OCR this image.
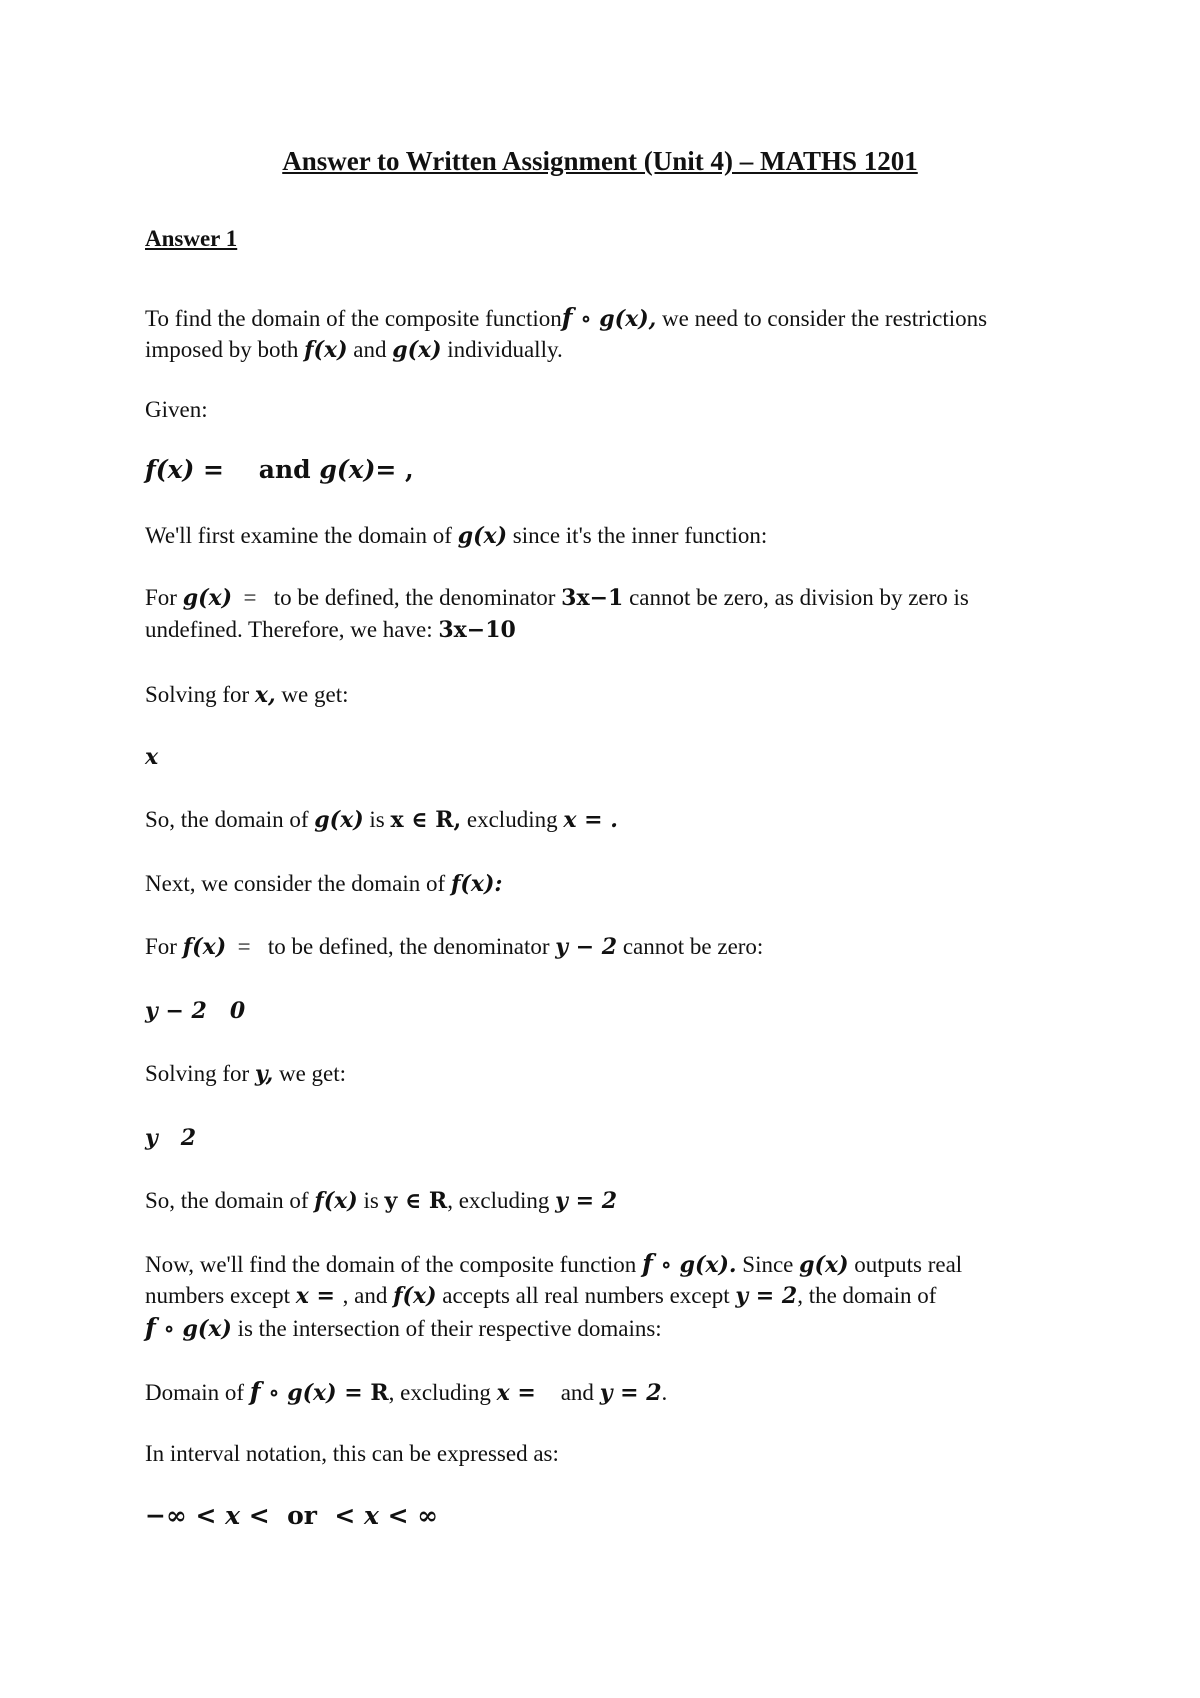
Answer to Written Assignment (Unit 4) – MATHS 1201

Answer 1

To find the domain of the composite functionf ∘ g(x), we need to consider the restrictions

imposed by both f(x) and g(x) individually.

Given:

f(x) =    and g(x)= ,

We'll first examine the domain of g(x) since it's the inner function:

For g(x)  =   to be defined, the denominator 3x−1 cannot be zero, as division by zero is

undefined. Therefore, we have: 3x−10

Solving for x, we get:

x

So, the domain of g(x) is x ∈ R, excluding x = .

Next, we consider the domain of f(x):

For f(x)  =   to be defined, the denominator y − 2 cannot be zero:

y − 2   0

Solving for y, we get:

y   2

So, the domain of f(x) is y ∈ R, excluding y = 2

Now, we'll find the domain of the composite function f ∘ g(x). Since g(x) outputs real

numbers except x = , and f(x) accepts all real numbers except y = 2, the domain of

f ∘ g(x) is the intersection of their respective domains:

Domain of f ∘ g(x) = R, excluding x =    and y = 2.

In interval notation, this can be expressed as:

−∞ < x <  or  < x < ∞
